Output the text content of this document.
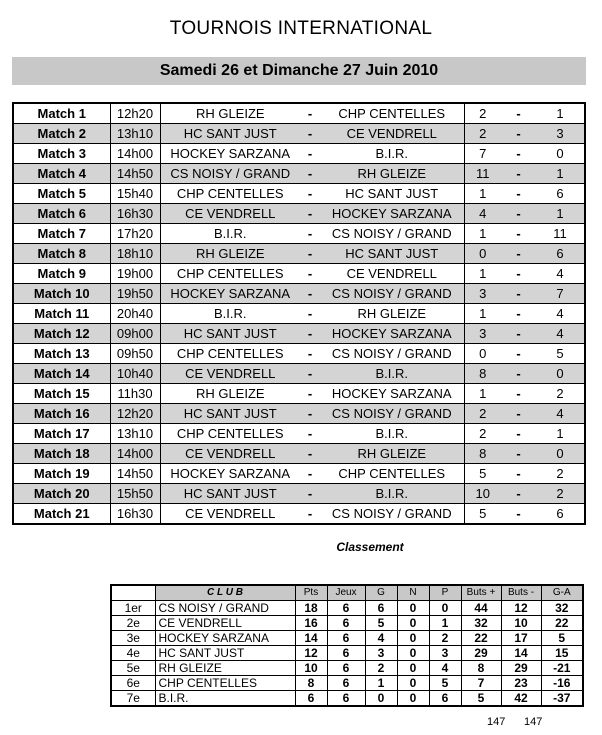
TOURNOIS INTERNATIONAL
Samedi 26 et Dimanche 27 Juin 2010
Match 1	12h20	RH GLEIZE	-	CHP CENTELLES	2	-	1
Match 2	13h10	HC SANT JUST	-	CE VENDRELL	2	-	3
Match 3	14h00	HOCKEY SARZANA	-	B.I.R.	7	-	0
Match 4	14h50	CS NOISY / GRAND	-	RH GLEIZE	11	-	1
Match 5	15h40	CHP CENTELLES	-	HC SANT JUST	1	-	6
Match 6	16h30	CE VENDRELL	-	HOCKEY SARZANA	4	-	1
Match 7	17h20	B.I.R.	-	CS NOISY / GRAND	1	-	11
Match 8	18h10	RH GLEIZE	-	HC SANT JUST	0	-	6
Match 9	19h00	CHP CENTELLES	-	CE VENDRELL	1	-	4
Match 10	19h50	HOCKEY SARZANA	-	CS NOISY / GRAND	3	-	7
Match 11	20h40	B.I.R.	-	RH GLEIZE	1	-	4
Match 12	09h00	HC SANT JUST	-	HOCKEY SARZANA	3	-	4
Match 13	09h50	CHP CENTELLES	-	CS NOISY / GRAND	0	-	5
Match 14	10h40	CE VENDRELL	-	B.I.R.	8	-	0
Match 15	11h30	RH GLEIZE	-	HOCKEY SARZANA	1	-	2
Match 16	12h20	HC SANT JUST	-	CS NOISY / GRAND	2	-	4
Match 17	13h10	CHP CENTELLES	-	B.I.R.	2	-	1
Match 18	14h00	CE VENDRELL	-	RH GLEIZE	8	-	0
Match 19	14h50	HOCKEY SARZANA	-	CHP CENTELLES	5	-	2
Match 20	15h50	HC SANT JUST	-	B.I.R.	10	-	2
Match 21	16h30	CE VENDRELL	-	CS NOISY / GRAND	5	-	6
Classement
	C L U B	Pts	Jeux	G	N	P	Buts +	Buts -	G-A
1er	CS NOISY / GRAND	18	6	6	0	0	44	12	32
2e	CE VENDRELL	16	6	5	0	1	32	10	22
3e	HOCKEY SARZANA	14	6	4	0	2	22	17	5
4e	HC SANT JUST	12	6	3	0	3	29	14	15
5e	RH GLEIZE	10	6	2	0	4	8	29	-21
6e	CHP CENTELLES	8	6	1	0	5	7	23	-16
7e	B.I.R.	6	6	0	0	6	5	42	-37
147 147
